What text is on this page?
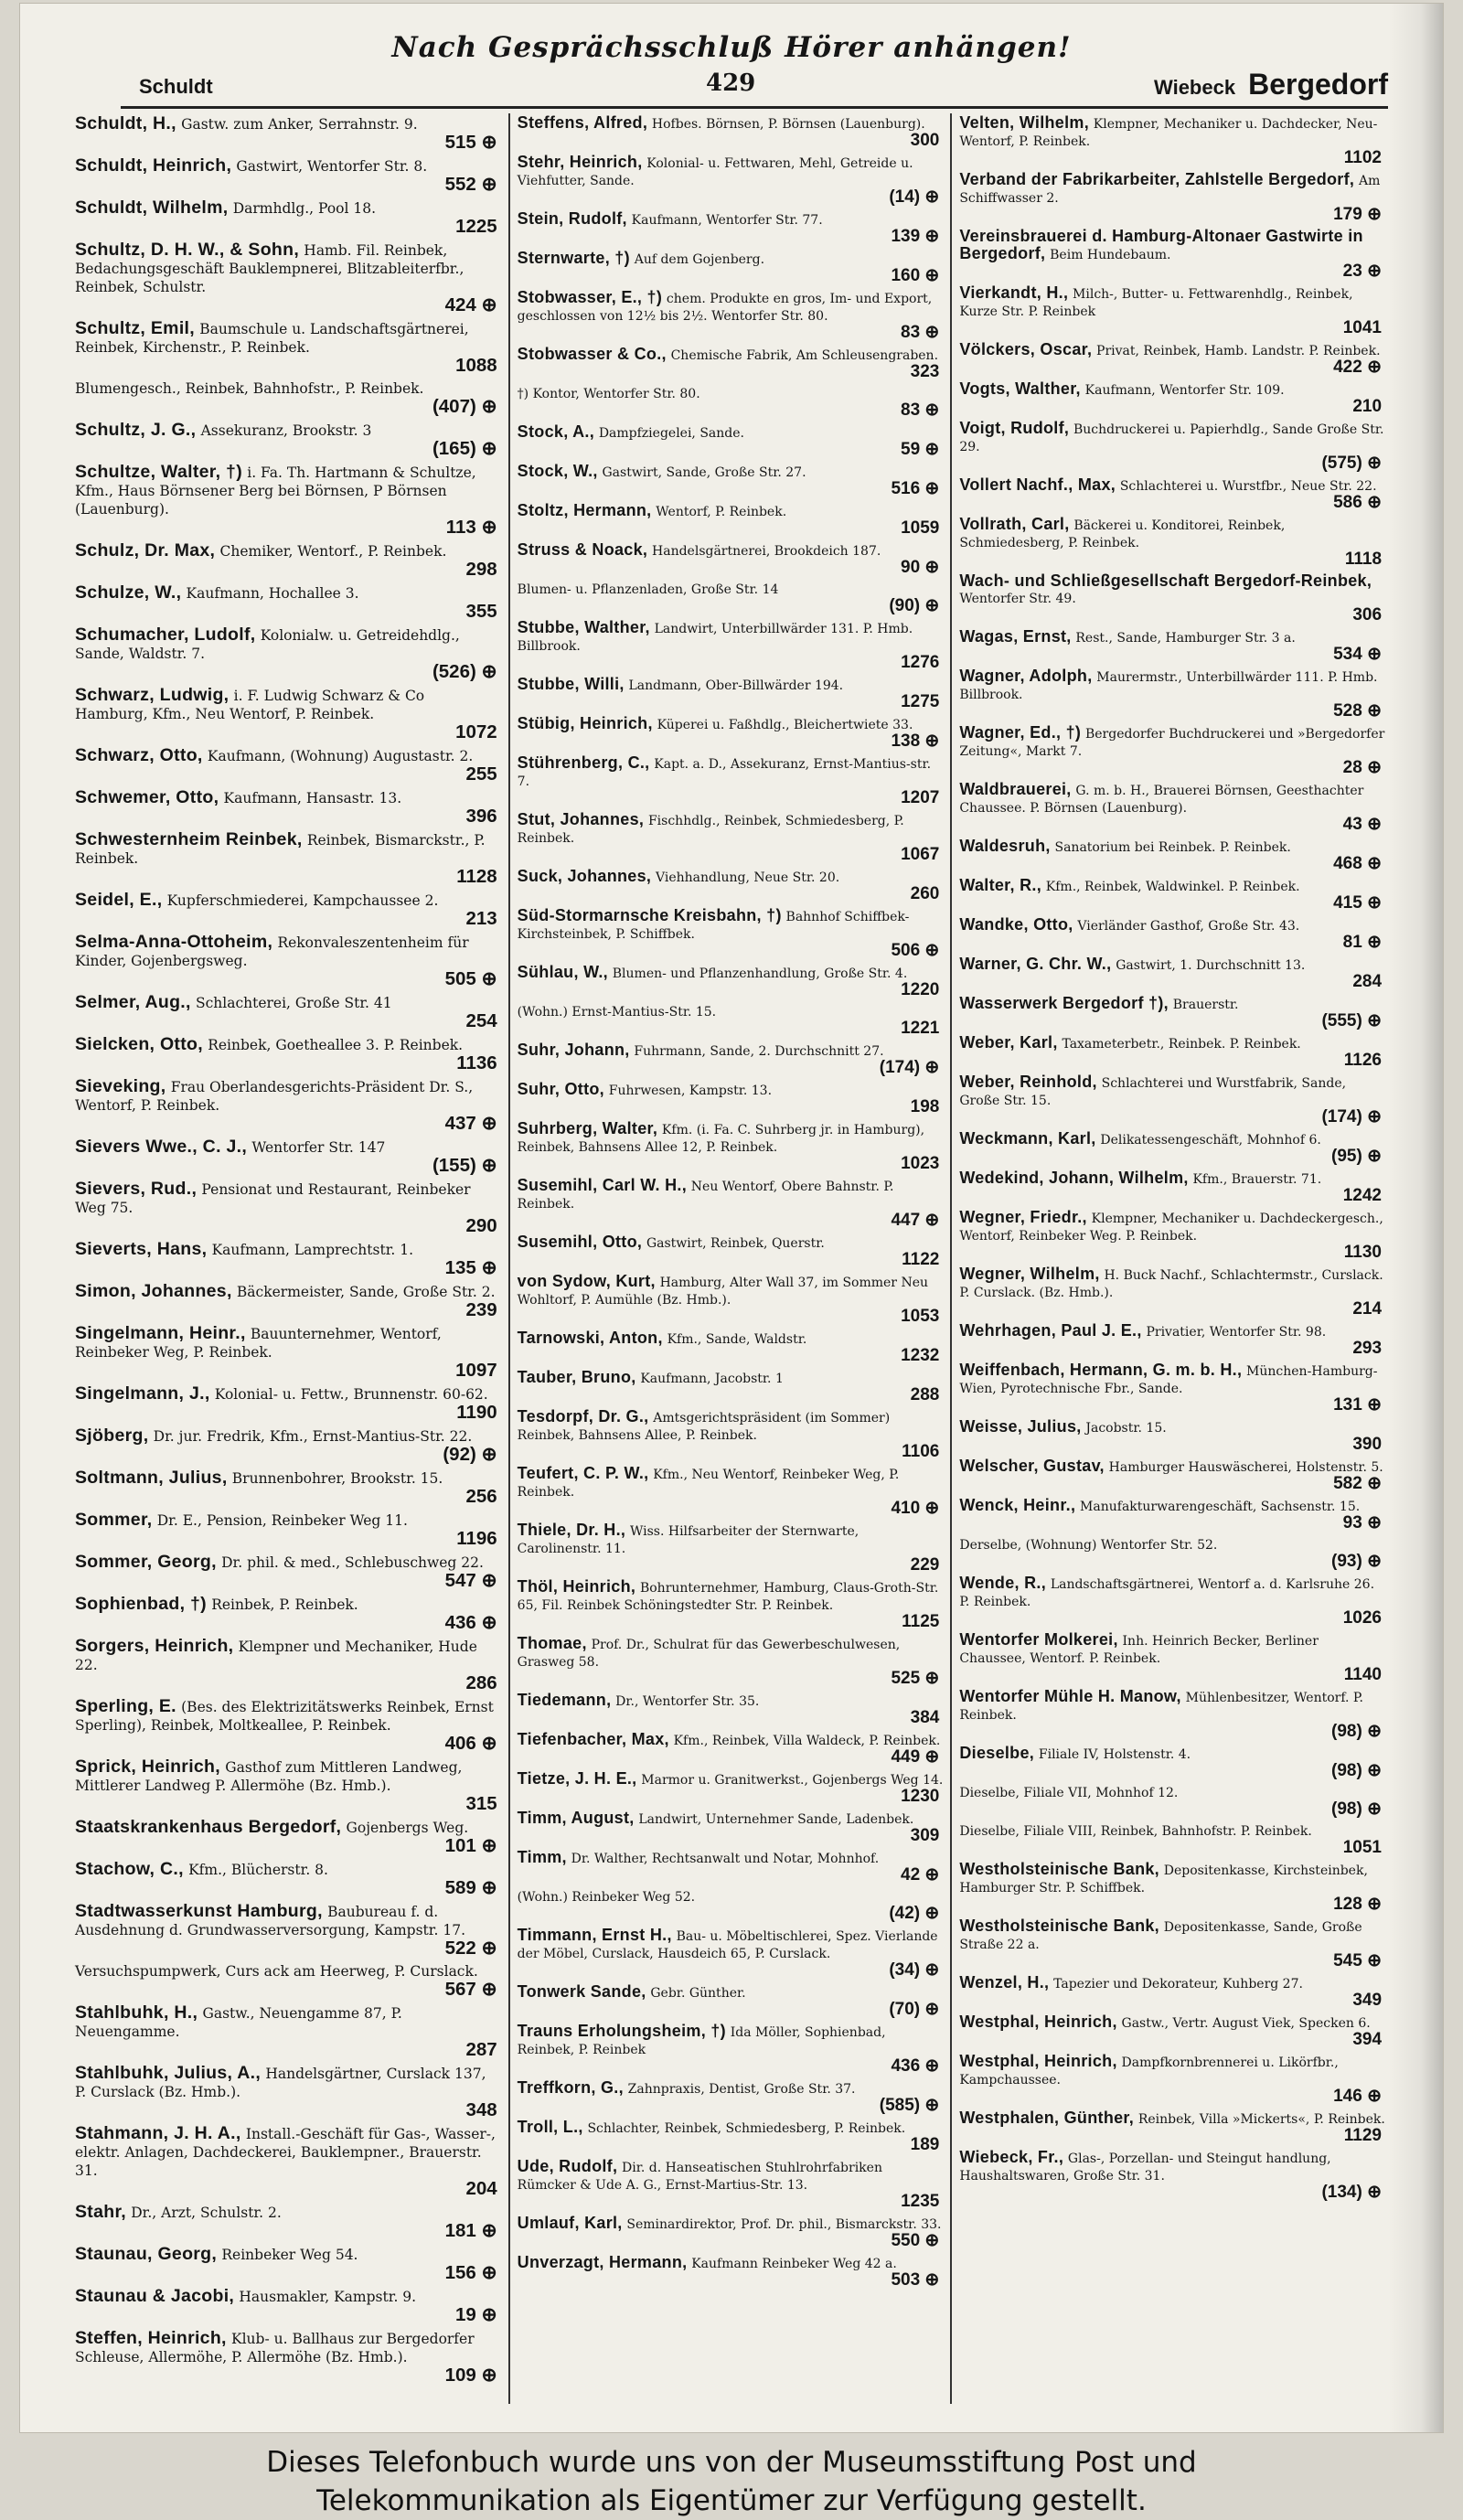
Nach Gesprächsschluß Hörer anhängen!
Schuldt	429	Wiebeck Bergedorf
Schuldt, H., Gastw. zum Anker, Serrahnstr. 9.
515 ⊕
Schuldt, Heinrich, Gastwirt, Wentorfer Str. 8.
552 ⊕
Schuldt, Wilhelm, Darmhdlg., Pool 18.
1225
Schultz, D. H. W., & Sohn, Hamb. Fil. Reinbek, Bedachungsgeschäft Bauklempnerei, Blitzableiterfbr., Reinbek, Schulstr.
424 ⊕
Schultz, Emil, Baumschule u. Landschaftsgärtnerei, Reinbek, Kirchenstr., P. Reinbek.
1088
Blumengesch., Reinbek, Bahnhofstr., P. Reinbek.
(407) ⊕
Schultz, J. G., Assekuranz, Brookstr. 3
(165) ⊕
Schultze, Walter, †) i. Fa. Th. Hartmann & Schultze, Kfm., Haus Börnsener Berg bei Börnsen, P Börnsen (Lauenburg).
113 ⊕
Schulz, Dr. Max, Chemiker, Wentorf., P. Reinbek.
298
Schulze, W., Kaufmann, Hochallee 3.
355
Schumacher, Ludolf, Kolonialw. u. Getreidehdlg., Sande, Waldstr. 7.
(526) ⊕
Schwarz, Ludwig, i. F. Ludwig Schwarz & Co Hamburg, Kfm., Neu Wentorf, P. Reinbek.
1072
Schwarz, Otto, Kaufmann, (Wohnung) Augustastr. 2.
255
Schwemer, Otto, Kaufmann, Hansastr. 13.
396
Schwesternheim Reinbek, Reinbek, Bismarckstr., P. Reinbek.
1128
Seidel, E., Kupferschmiederei, Kampchaussee 2.
213
Selma-Anna-Ottoheim, Rekonvaleszentenheim für Kinder, Gojenbergsweg.
505 ⊕
Selmer, Aug., Schlachterei, Große Str. 41
254
Sielcken, Otto, Reinbek, Goetheallee 3. P. Reinbek.
1136
Sieveking, Frau Oberlandesgerichts-Präsident Dr. S., Wentorf, P. Reinbek.
437 ⊕
Sievers Wwe., C. J., Wentorfer Str. 147
(155) ⊕
Sievers, Rud., Pensionat und Restaurant, Reinbeker Weg 75.
290
Sieverts, Hans, Kaufmann, Lamprechtstr. 1.
135 ⊕
Simon, Johannes, Bäckermeister, Sande, Große Str. 2.
239
Singelmann, Heinr., Bauunternehmer, Wentorf, Reinbeker Weg, P. Reinbek.
1097
Singelmann, J., Kolonial- u. Fettw., Brunnenstr. 60-62.
1190
Sjöberg, Dr. jur. Fredrik, Kfm., Ernst-Mantius-Str. 22.
(92) ⊕
Soltmann, Julius, Brunnenbohrer, Brookstr. 15.
256
Sommer, Dr. E., Pension, Reinbeker Weg 11.
1196
Sommer, Georg, Dr. phil. & med., Schlebuschweg 22.
547 ⊕
Sophienbad, †) Reinbek, P. Reinbek.
436 ⊕
Sorgers, Heinrich, Klempner und Mechaniker, Hude 22.
286
Sperling, E. (Bes. des Elektrizitätswerks Reinbek, Ernst Sperling), Reinbek, Moltkeallee, P. Reinbek.
406 ⊕
Sprick, Heinrich, Gasthof zum Mittleren Landweg, Mittlerer Landweg P. Allermöhe (Bz. Hmb.).
315
Staatskrankenhaus Bergedorf, Gojenbergs Weg.
101 ⊕
Stachow, C., Kfm., Blücherstr. 8.
589 ⊕
Stadtwasserkunst Hamburg, Baubureau f. d. Ausdehnung d. Grundwasserversorgung, Kampstr. 17.
522 ⊕
Versuchspumpwerk, Curs ack am Heerweg, P. Curslack.
567 ⊕
Stahlbuhk, H., Gastw., Neuengamme 87, P. Neuengamme.
287
Stahlbuhk, Julius, A., Handelsgärtner, Curslack 137, P. Curslack (Bz. Hmb.).
348
Stahmann, J. H. A., Install.-Geschäft für Gas-, Wasser-, elektr. Anlagen, Dachdeckerei, Bauklempner., Brauerstr. 31.
204
Stahr, Dr., Arzt, Schulstr. 2.
181 ⊕
Staunau, Georg, Reinbeker Weg 54.
156 ⊕
Staunau & Jacobi, Hausmakler, Kampstr. 9.
19 ⊕
Steffen, Heinrich, Klub- u. Ballhaus zur Bergedorfer Schleuse, Allermöhe, P. Allermöhe (Bz. Hmb.).
109 ⊕
Steffens, Alfred, Hofbes. Börnsen, P. Börnsen (Lauenburg).
300
Stehr, Heinrich, Kolonial- u. Fettwaren, Mehl, Getreide u. Viehfutter, Sande.
(14) ⊕
Stein, Rudolf, Kaufmann, Wentorfer Str. 77.
139 ⊕
Sternwarte, †) Auf dem Gojenberg.
160 ⊕
Stobwasser, E., †) chem. Produkte en gros, Im- und Export, geschlossen von 12½ bis 2½. Wentorfer Str. 80.
83 ⊕
Stobwasser & Co., Chemische Fabrik, Am Schleusengraben.
323
†) Kontor, Wentorfer Str. 80.
83 ⊕
Stock, A., Dampfziegelei, Sande.
59 ⊕
Stock, W., Gastwirt, Sande, Große Str. 27.
516 ⊕
Stoltz, Hermann, Wentorf, P. Reinbek.
1059
Struss & Noack, Handelsgärtnerei, Brookdeich 187.
90 ⊕
Blumen- u. Pflanzenladen, Große Str. 14
(90) ⊕
Stubbe, Walther, Landwirt, Unterbillwärder 131. P. Hmb. Billbrook.
1276
Stubbe, Willi, Landmann, Ober-Billwärder 194.
1275
Stübig, Heinrich, Küperei u. Faßhdlg., Bleichertwiete 33.
138 ⊕
Stührenberg, C., Kapt. a. D., Assekuranz, Ernst-Mantius-str. 7.
1207
Stut, Johannes, Fischhdlg., Reinbek, Schmiedesberg, P. Reinbek.
1067
Suck, Johannes, Viehhandlung, Neue Str. 20.
260
Süd-Stormarnsche Kreisbahn, †) Bahnhof Schiffbek-Kirchsteinbek, P. Schiffbek.
506 ⊕
Sühlau, W., Blumen- und Pflanzenhandlung, Große Str. 4.
1220
(Wohn.) Ernst-Mantius-Str. 15.
1221
Suhr, Johann, Fuhrmann, Sande, 2. Durchschnitt 27.
(174) ⊕
Suhr, Otto, Fuhrwesen, Kampstr. 13.
198
Suhrberg, Walter, Kfm. (i. Fa. C. Suhrberg jr. in Hamburg), Reinbek, Bahnsens Allee 12, P. Reinbek.
1023
Susemihl, Carl W. H., Neu Wentorf, Obere Bahnstr. P. Reinbek.
447 ⊕
Susemihl, Otto, Gastwirt, Reinbek, Querstr.
1122
von Sydow, Kurt, Hamburg, Alter Wall 37, im Sommer Neu Wohltorf, P. Aumühle (Bz. Hmb.).
1053
Tarnowski, Anton, Kfm., Sande, Waldstr.
1232
Tauber, Bruno, Kaufmann, Jacobstr. 1
288
Tesdorpf, Dr. G., Amtsgerichtspräsident (im Sommer) Reinbek, Bahnsens Allee, P. Reinbek.
1106
Teufert, C. P. W., Kfm., Neu Wentorf, Reinbeker Weg, P. Reinbek.
410 ⊕
Thiele, Dr. H., Wiss. Hilfsarbeiter der Sternwarte, Carolinenstr. 11.
229
Thöl, Heinrich, Bohrunternehmer, Hamburg, Claus-Groth-Str. 65, Fil. Reinbek Schöningstedter Str. P. Reinbek.
1125
Thomae, Prof. Dr., Schulrat für das Gewerbeschulwesen, Grasweg 58.
525 ⊕
Tiedemann, Dr., Wentorfer Str. 35.
384
Tiefenbacher, Max, Kfm., Reinbek, Villa Waldeck, P. Reinbek.
449 ⊕
Tietze, J. H. E., Marmor u. Granitwerkst., Gojenbergs Weg 14.
1230
Timm, August, Landwirt, Unternehmer Sande, Ladenbek.
309
Timm, Dr. Walther, Rechtsanwalt und Notar, Mohnhof.
42 ⊕
(Wohn.) Reinbeker Weg 52.
(42) ⊕
Timmann, Ernst H., Bau- u. Möbeltischlerei, Spez. Vierlande der Möbel, Curslack, Hausdeich 65, P. Curslack.
(34) ⊕
Tonwerk Sande, Gebr. Günther.
(70) ⊕
Trauns Erholungsheim, †) Ida Möller, Sophienbad, Reinbek, P. Reinbek
436 ⊕
Treffkorn, G., Zahnpraxis, Dentist, Große Str. 37.
(585) ⊕
Troll, L., Schlachter, Reinbek, Schmiedesberg, P. Reinbek.
189
Ude, Rudolf, Dir. d. Hanseatischen Stuhlrohrfabriken Rümcker & Ude A. G., Ernst-Martius-Str. 13.
1235
Umlauf, Karl, Seminardirektor, Prof. Dr. phil., Bismarckstr. 33.
550 ⊕
Unverzagt, Hermann, Kaufmann Reinbeker Weg 42 a.
503 ⊕
Velten, Wilhelm, Klempner, Mechaniker u. Dachdecker, Neu-Wentorf, P. Reinbek.
1102
Verband der Fabrikarbeiter, Zahlstelle Bergedorf, Am Schiffwasser 2.
179 ⊕
Vereinsbrauerei d. Hamburg-Altonaer Gastwirte in Bergedorf, Beim Hundebaum.
23 ⊕
Vierkandt, H., Milch-, Butter- u. Fettwarenhdlg., Reinbek, Kurze Str. P. Reinbek
1041
Völckers, Oscar, Privat, Reinbek, Hamb. Landstr. P. Reinbek.
422 ⊕
Vogts, Walther, Kaufmann, Wentorfer Str. 109.
210
Voigt, Rudolf, Buchdruckerei u. Papierhdlg., Sande Große Str. 29.
(575) ⊕
Vollert Nachf., Max, Schlachterei u. Wurstfbr., Neue Str. 22.
586 ⊕
Vollrath, Carl, Bäckerei u. Konditorei, Reinbek, Schmiedesberg, P. Reinbek.
1118
Wach- und Schließgesellschaft Bergedorf-Reinbek, Wentorfer Str. 49.
306
Wagas, Ernst, Rest., Sande, Hamburger Str. 3 a.
534 ⊕
Wagner, Adolph, Maurermstr., Unterbillwärder 111. P. Hmb. Billbrook.
528 ⊕
Wagner, Ed., †) Bergedorfer Buchdruckerei und »Bergedorfer Zeitung«, Markt 7.
28 ⊕
Waldbrauerei, G. m. b. H., Brauerei Börnsen, Geesthachter Chaussee. P. Börnsen (Lauenburg).
43 ⊕
Waldesruh, Sanatorium bei Reinbek. P. Reinbek.
468 ⊕
Walter, R., Kfm., Reinbek, Waldwinkel. P. Reinbek.
415 ⊕
Wandke, Otto, Vierländer Gasthof, Große Str. 43.
81 ⊕
Warner, G. Chr. W., Gastwirt, 1. Durchschnitt 13.
284
Wasserwerk Bergedorf †), Brauerstr.
(555) ⊕
Weber, Karl, Taxameterbetr., Reinbek. P. Reinbek.
1126
Weber, Reinhold, Schlachterei und Wurstfabrik, Sande, Große Str. 15.
(174) ⊕
Weckmann, Karl, Delikatessengeschäft, Mohnhof 6.
(95) ⊕
Wedekind, Johann, Wilhelm, Kfm., Brauerstr. 71.
1242
Wegner, Friedr., Klempner, Mechaniker u. Dachdeckergesch., Wentorf, Reinbeker Weg. P. Reinbek.
1130
Wegner, Wilhelm, H. Buck Nachf., Schlachtermstr., Curslack. P. Curslack. (Bz. Hmb.).
214
Wehrhagen, Paul J. E., Privatier, Wentorfer Str. 98.
293
Weiffenbach, Hermann, G. m. b. H., München-Hamburg-Wien, Pyrotechnische Fbr., Sande.
131 ⊕
Weisse, Julius, Jacobstr. 15.
390
Welscher, Gustav, Hamburger Hauswäscherei, Holstenstr. 5.
582 ⊕
Wenck, Heinr., Manufakturwarengeschäft, Sachsenstr. 15.
93 ⊕
Derselbe, (Wohnung) Wentorfer Str. 52.
(93) ⊕
Wende, R., Landschaftsgärtnerei, Wentorf a. d. Karlsruhe 26. P. Reinbek.
1026
Wentorfer Molkerei, Inh. Heinrich Becker, Berliner Chaussee, Wentorf. P. Reinbek.
1140
Wentorfer Mühle H. Manow, Mühlenbesitzer, Wentorf. P. Reinbek.
(98) ⊕
Dieselbe, Filiale IV, Holstenstr. 4.
(98) ⊕
Dieselbe, Filiale VII, Mohnhof 12.
(98) ⊕
Dieselbe, Filiale VIII, Reinbek, Bahnhofstr. P. Reinbek.
1051
Westholsteinische Bank, Depositenkasse, Kirchsteinbek, Hamburger Str. P. Schiffbek.
128 ⊕
Westholsteinische Bank, Depositenkasse, Sande, Große Straße 22 a.
545 ⊕
Wenzel, H., Tapezier und Dekorateur, Kuhberg 27.
349
Westphal, Heinrich, Gastw., Vertr. August Viek, Specken 6.
394
Westphal, Heinrich, Dampfkornbrennerei u. Likörfbr., Kampchaussee.
146 ⊕
Westphalen, Günther, Reinbek, Villa »Mickerts«, P. Reinbek.
1129
Wiebeck, Fr., Glas-, Porzellan- und Steingut handlung, Haushaltswaren, Große Str. 31.
(134) ⊕
Dieses Telefonbuch wurde uns von der Museumsstiftung Post und
Telekommunikation als Eigentümer zur Verfügung gestellt.
